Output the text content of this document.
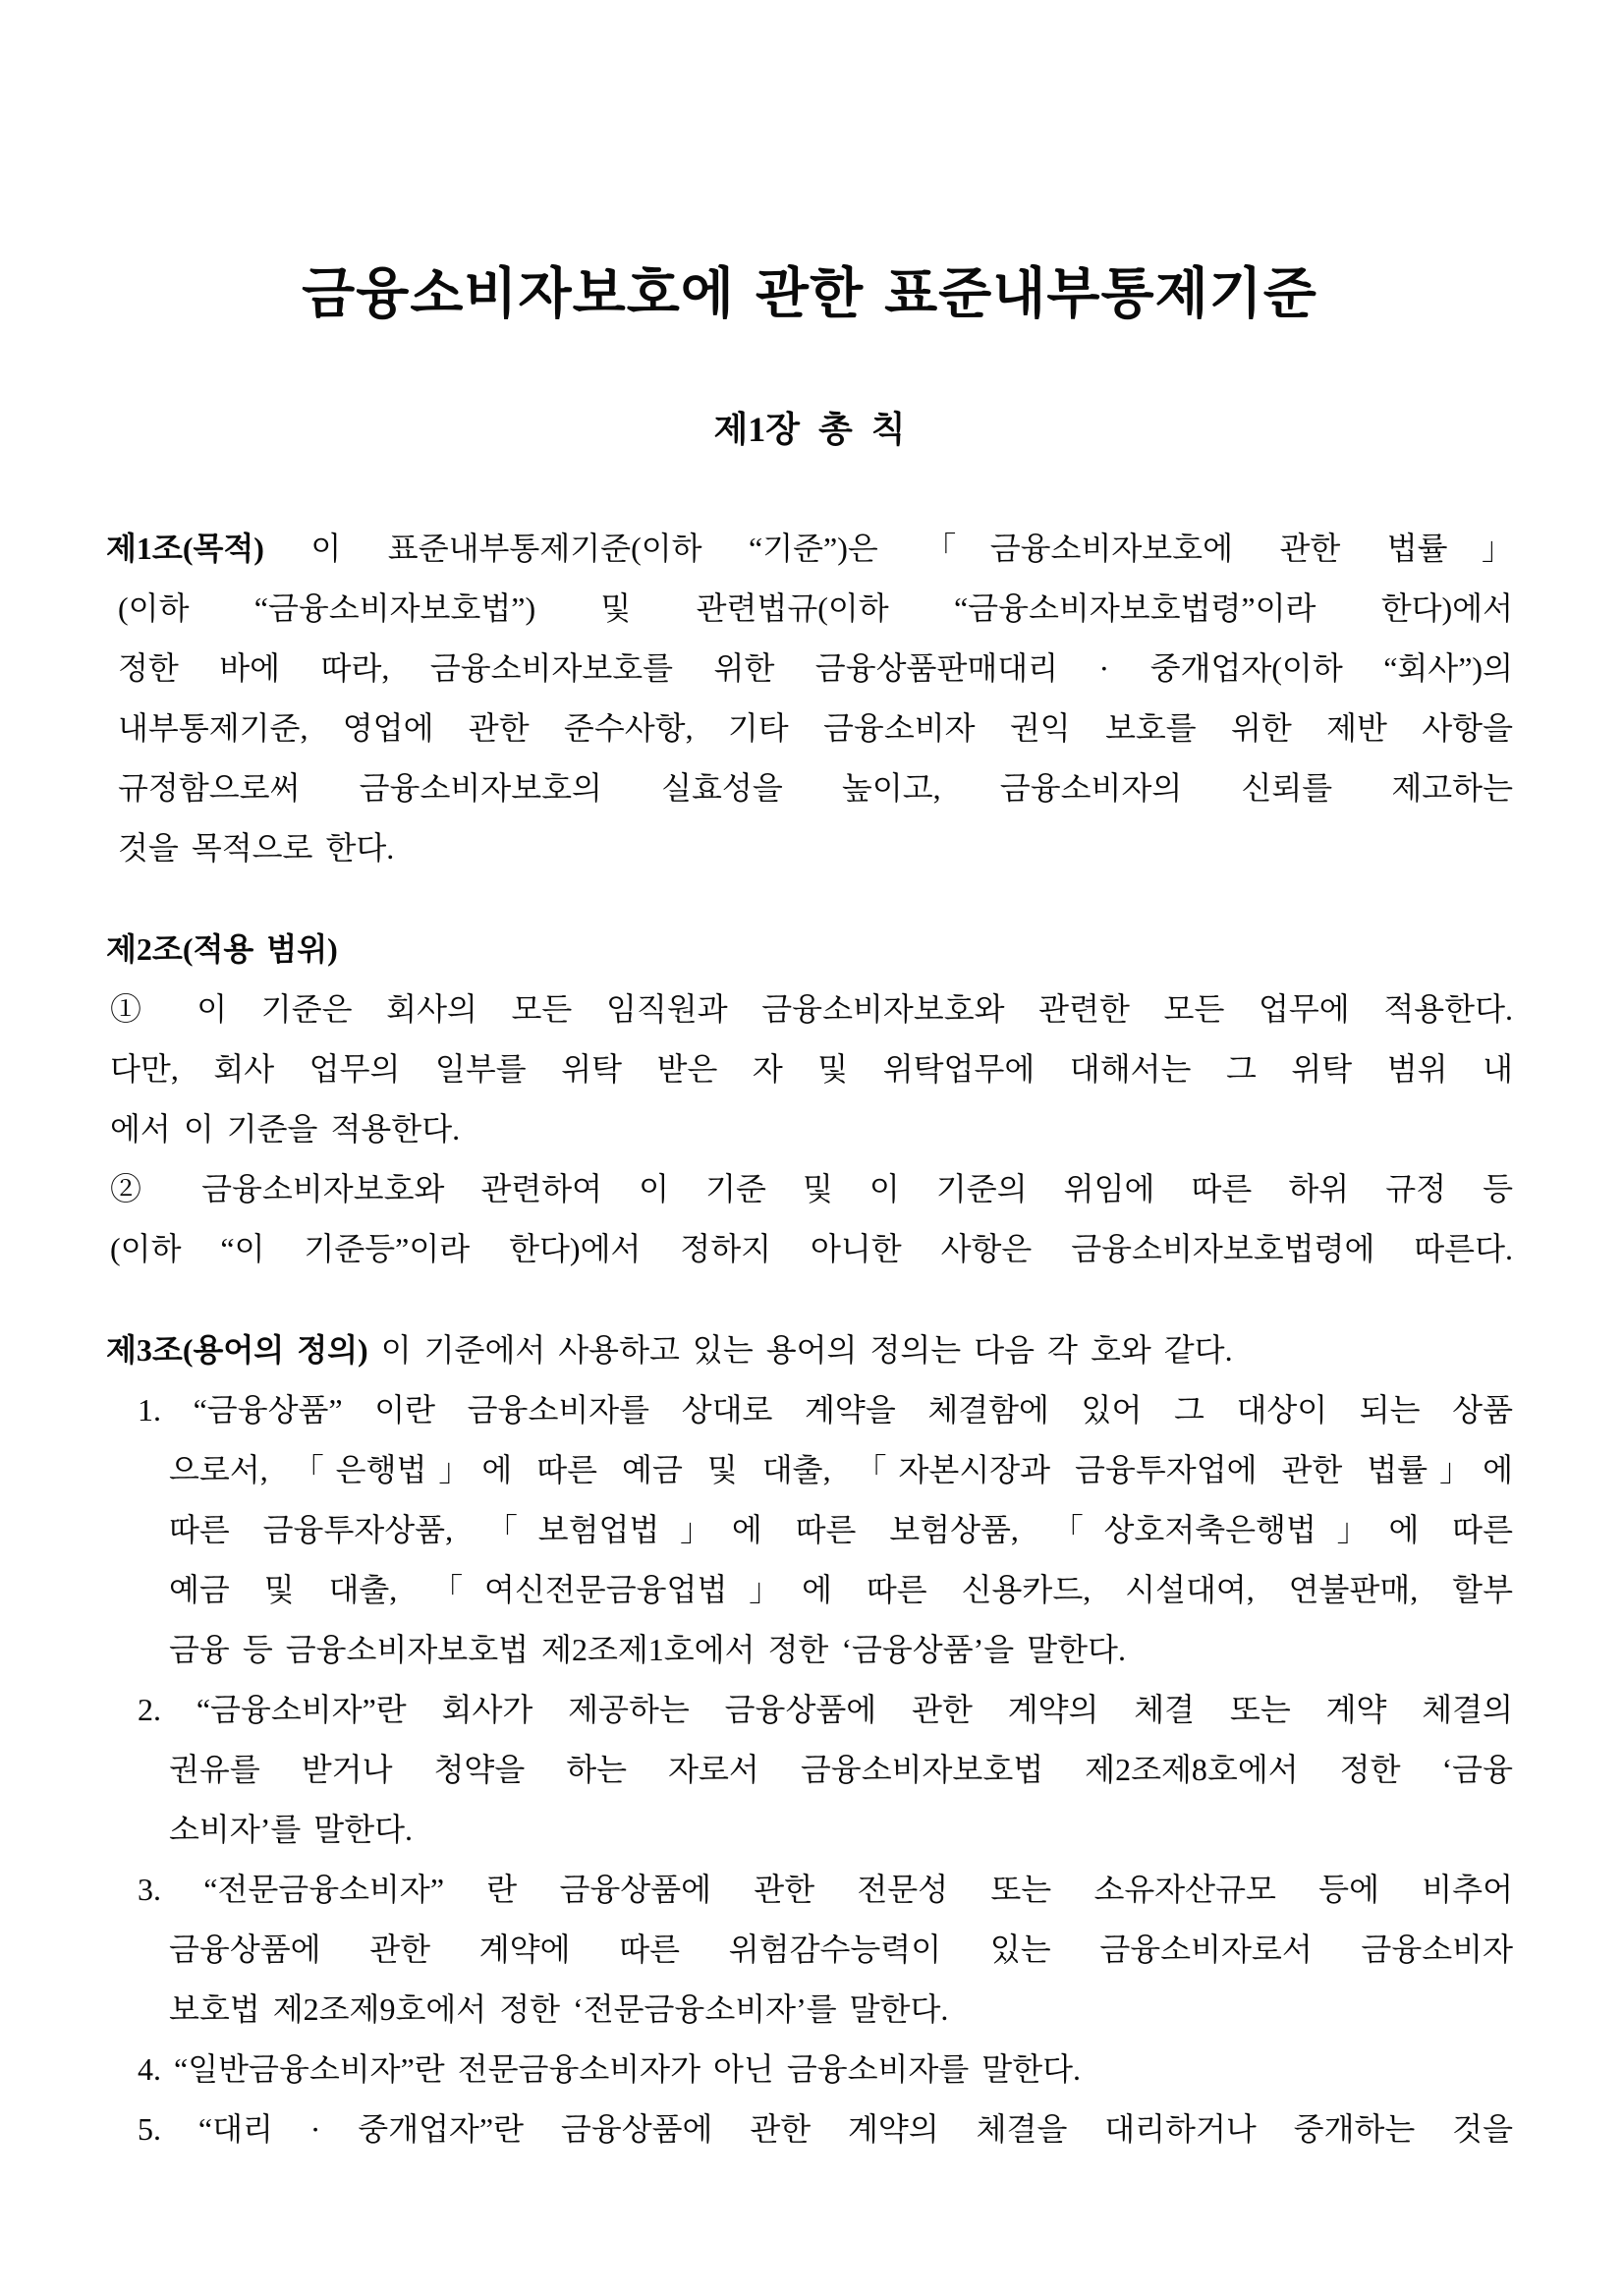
금융소비자보호에 관한 표준내부통제기준
제1장 총 칙
제1조(목적) 이 표준내부통제기준(이하 “기준”)은 「금융소비자보호에 관한 법률」
(이하 “금융소비자보호법”) 및 관련법규(이하 “금융소비자보호법령”이라 한다)에서
정한 바에 따라, 금융소비자보호를 위한 금융상품판매대리 · 중개업자(이하 “회사”)의
내부통제기준, 영업에 관한 준수사항, 기타 금융소비자 권익 보호를 위한 제반 사항을
규정함으로써 금융소비자보호의 실효성을 높이고, 금융소비자의 신뢰를 제고하는
것을 목적으로 한다.
제2조(적용 범위)
① 이 기준은 회사의 모든 임직원과 금융소비자보호와 관련한 모든 업무에 적용한다.
다만, 회사 업무의 일부를 위탁 받은 자 및 위탁업무에 대해서는 그 위탁 범위 내
에서 이 기준을 적용한다.
② 금융소비자보호와 관련하여 이 기준 및 이 기준의 위임에 따른 하위 규정 등
(이하 “이 기준등”이라 한다)에서 정하지 아니한 사항은 금융소비자보호법령에 따른다.
제3조(용어의 정의) 이 기준에서 사용하고 있는 용어의 정의는 다음 각 호와 같다.
1. “금융상품” 이란 금융소비자를 상대로 계약을 체결함에 있어 그 대상이 되는 상품
으로서, 「은행법」에 따른 예금 및 대출, 「자본시장과 금융투자업에 관한 법률」에
따른 금융투자상품, 「보험업법」에 따른 보험상품, 「상호저축은행법」에 따른
예금 및 대출, 「여신전문금융업법」에 따른 신용카드, 시설대여, 연불판매, 할부
금융 등 금융소비자보호법 제2조제1호에서 정한 ‘금융상품’을 말한다.
2. “금융소비자”란 회사가 제공하는 금융상품에 관한 계약의 체결 또는 계약 체결의
권유를 받거나 청약을 하는 자로서 금융소비자보호법 제2조제8호에서 정한 ‘금융
소비자’를 말한다.
3. “전문금융소비자” 란 금융상품에 관한 전문성 또는 소유자산규모 등에 비추어
금융상품에 관한 계약에 따른 위험감수능력이 있는 금융소비자로서 금융소비자
보호법 제2조제9호에서 정한 ‘전문금융소비자’를 말한다.
4. “일반금융소비자”란 전문금융소비자가 아닌 금융소비자를 말한다.
5. “대리 · 중개업자”란 금융상품에 관한 계약의 체결을 대리하거나 중개하는 것을
